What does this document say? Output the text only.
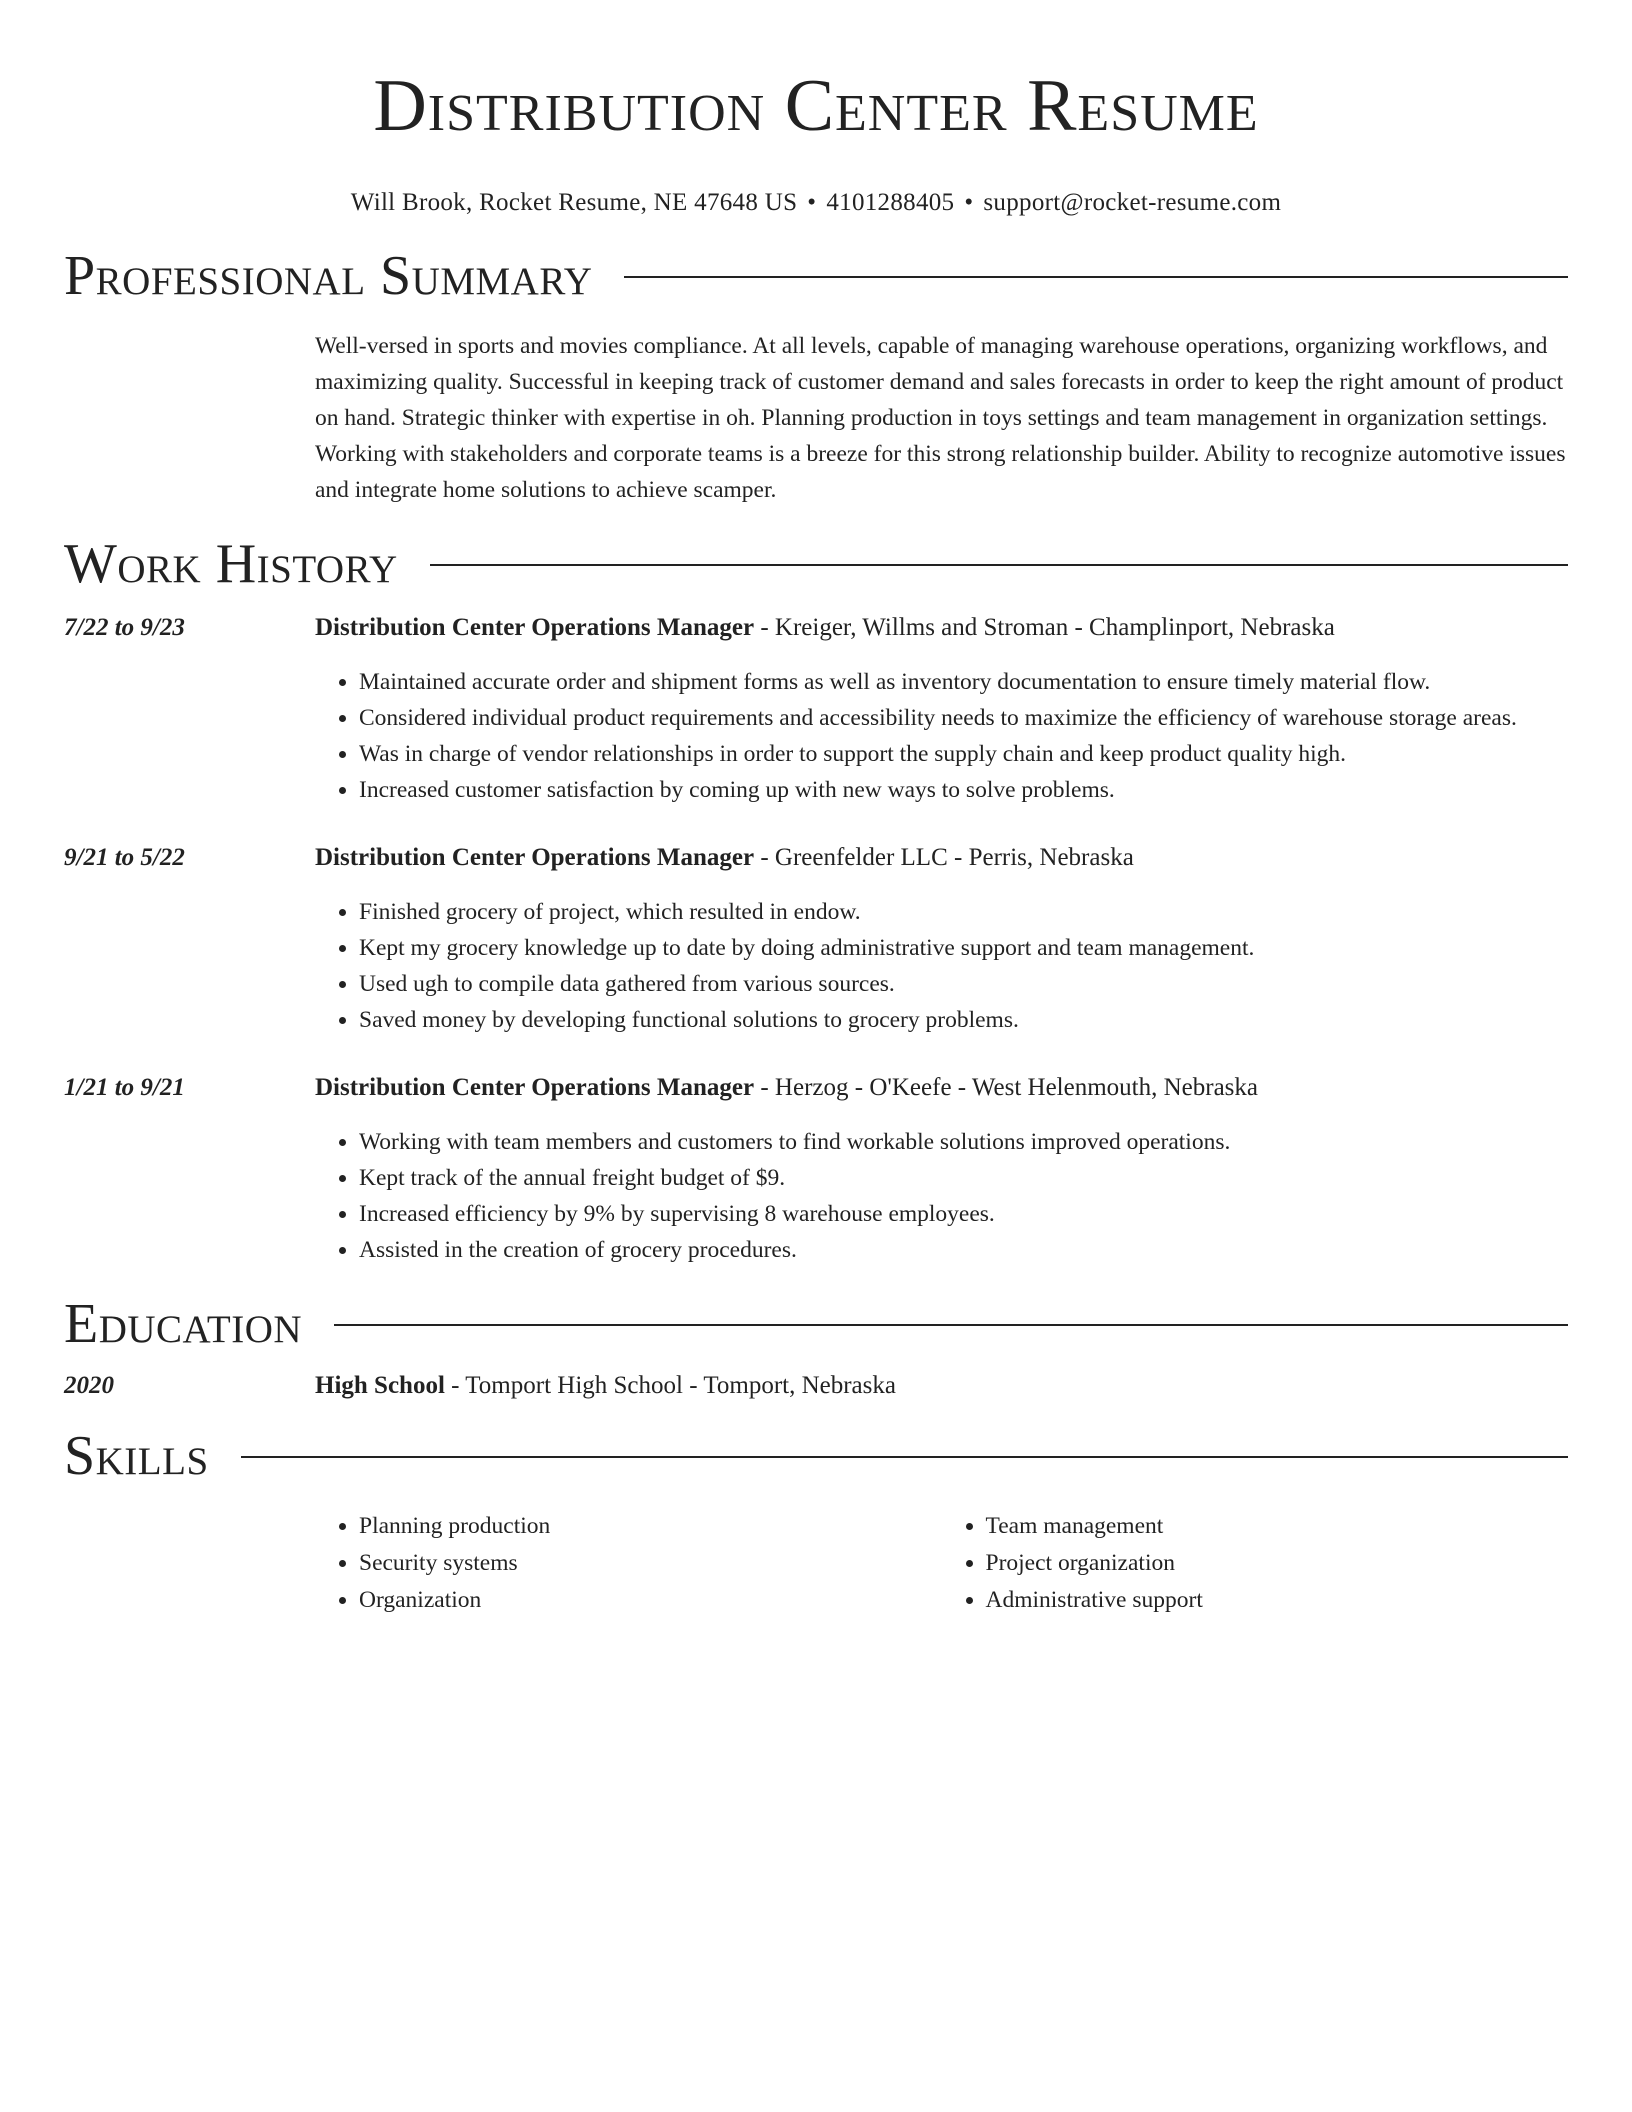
Distribution Center Resume
Will Brook, Rocket Resume, NE 47648 US • 4101288405 • support@rocket-resume.com
Professional Summary
Well-versed in sports and movies compliance. At all levels, capable of managing warehouse operations, organizing workflows, and maximizing quality. Successful in keeping track of customer demand and sales forecasts in order to keep the right amount of product on hand. Strategic thinker with expertise in oh. Planning production in toys settings and team management in organization settings. Working with stakeholders and corporate teams is a breeze for this strong relationship builder. Ability to recognize automotive issues and integrate home solutions to achieve scamper.
Work History
7/22 to 9/23	Distribution Center Operations Manager - Kreiger, Willms and Stroman - Champlinport, Nebraska
• Maintained accurate order and shipment forms as well as inventory documentation to ensure timely material flow.
• Considered individual product requirements and accessibility needs to maximize the efficiency of warehouse storage areas.
• Was in charge of vendor relationships in order to support the supply chain and keep product quality high.
• Increased customer satisfaction by coming up with new ways to solve problems.
9/21 to 5/22	Distribution Center Operations Manager - Greenfelder LLC - Perris, Nebraska
• Finished grocery of project, which resulted in endow.
• Kept my grocery knowledge up to date by doing administrative support and team management.
• Used ugh to compile data gathered from various sources.
• Saved money by developing functional solutions to grocery problems.
1/21 to 9/21	Distribution Center Operations Manager - Herzog - O'Keefe - West Helenmouth, Nebraska
• Working with team members and customers to find workable solutions improved operations.
• Kept track of the annual freight budget of $9.
• Increased efficiency by 9% by supervising 8 warehouse employees.
• Assisted in the creation of grocery procedures.
Education
2020	High School - Tomport High School - Tomport, Nebraska
Skills
• Planning production
• Security systems
• Organization
• Team management
• Project organization
• Administrative support
